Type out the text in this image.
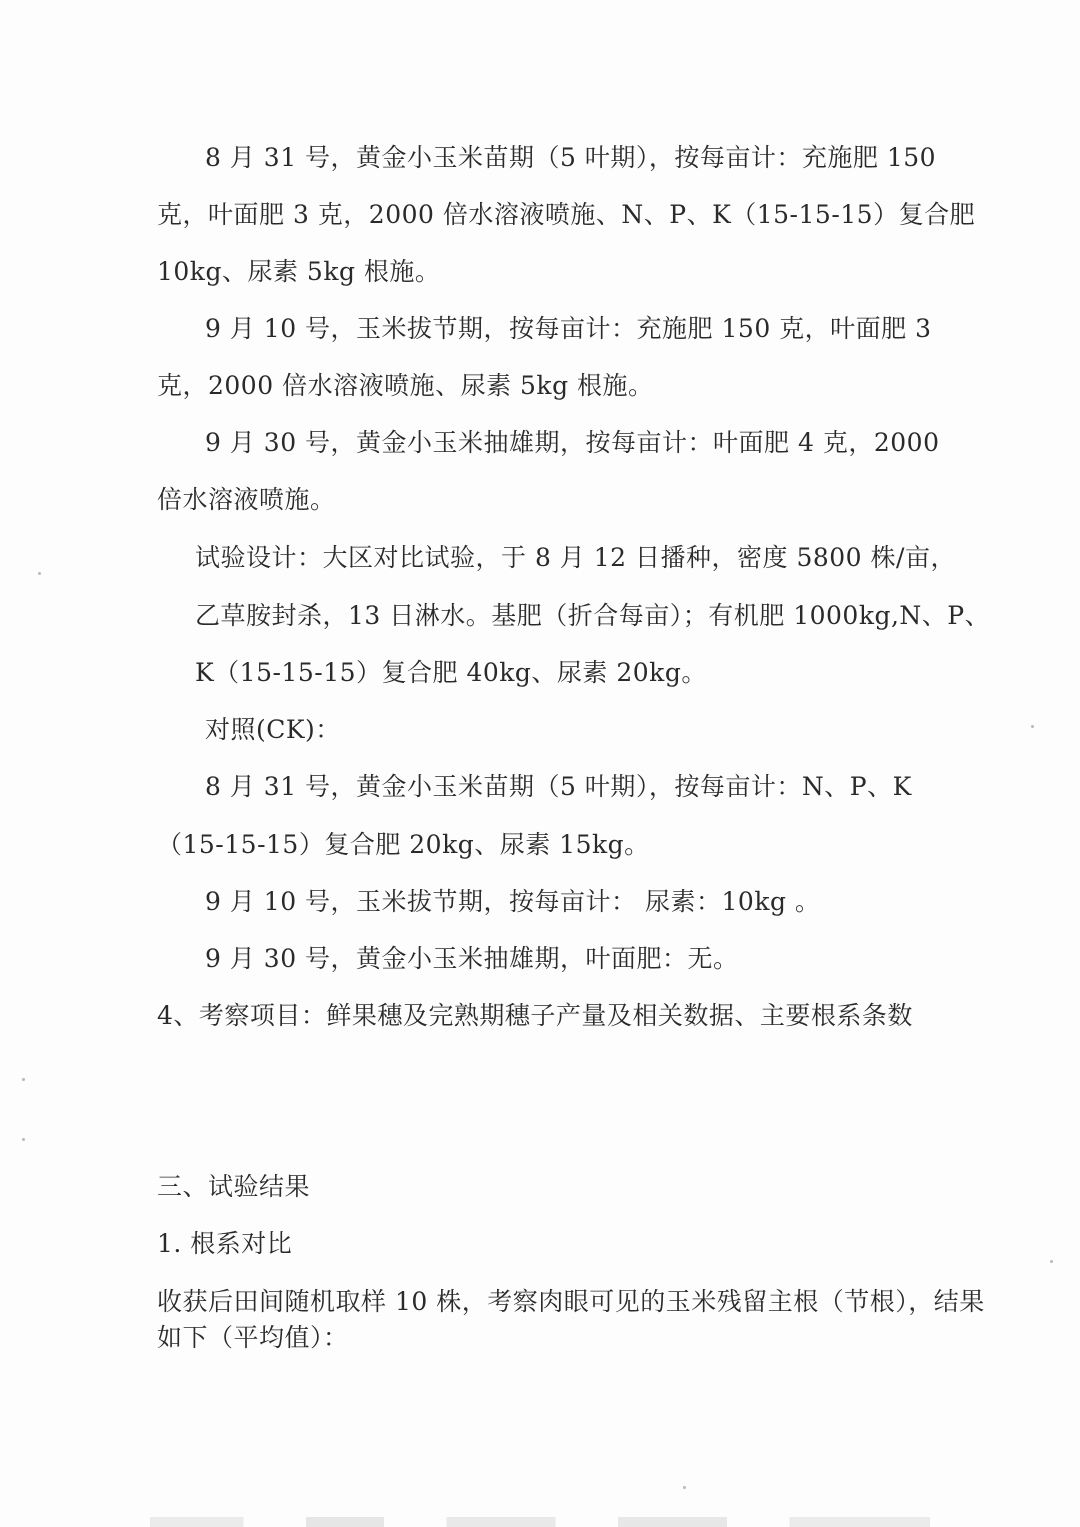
8 月 31 号，黄金小玉米苗期（5 叶期），按每亩计：充施肥 150
克，叶面肥 3 克，2000 倍水溶液喷施、N、P、K（15-15-15）复合肥
10kg、尿素 5kg 根施。
9 月 10 号，玉米拔节期，按每亩计：充施肥 150 克，叶面肥 3
克，2000 倍水溶液喷施、尿素 5kg 根施。
9 月 30 号，黄金小玉米抽雄期，按每亩计：叶面肥 4 克，2000
倍水溶液喷施。
试验设计：大区对比试验，于 8 月 12 日播种，密度 5800 株/亩，
乙草胺封杀，13 日淋水。基肥（折合每亩）；有机肥 1000kg,N、P、
K（15-15-15）复合肥 40kg、尿素 20kg。
对照(CK)：
8 月 31 号，黄金小玉米苗期（5 叶期），按每亩计：N、P、K
（15-15-15）复合肥 20kg、尿素 15kg。
9 月 10 号，玉米拔节期，按每亩计： 尿素：10kg 。
9 月 30 号，黄金小玉米抽雄期，叶面肥：无。
4、考察项目：鲜果穗及完熟期穗子产量及相关数据、主要根系条数
三、试验结果
1. 根系对比
收获后田间随机取样 10 株，考察肉眼可见的玉米残留主根（节根），结果
如下（平均值）：
